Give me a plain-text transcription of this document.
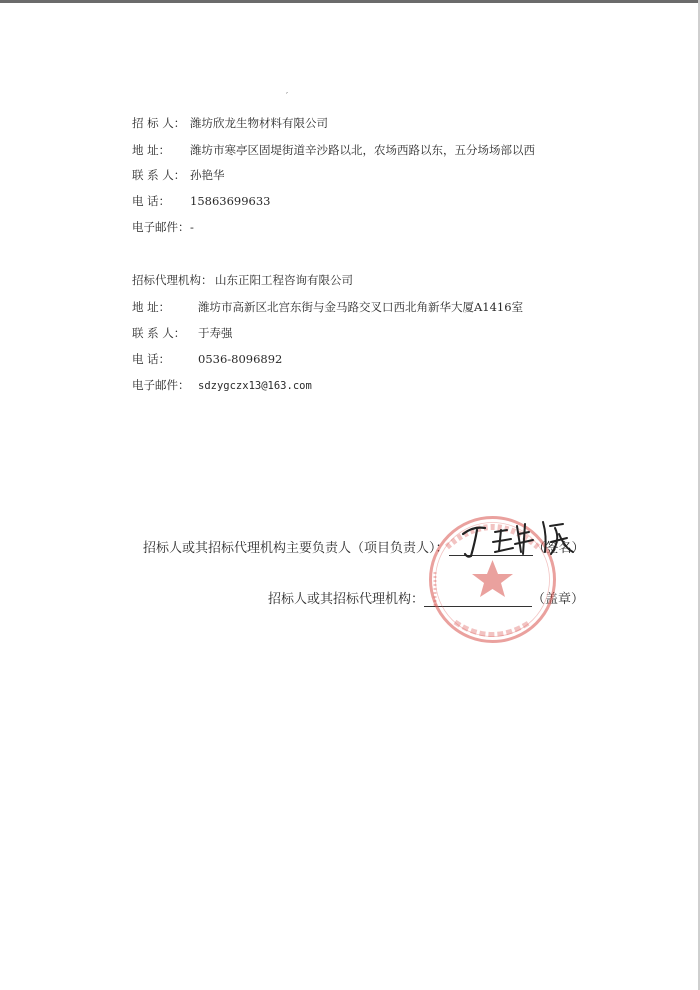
′
招 标 人： 潍坊欣龙生物材料有限公司
地 址： 潍坊市寒亭区固堤街道辛沙路以北，农场西路以东，五分场场部以西
联 系 人： 孙艳华
电 话： 15863699633
电子邮件：-
招标代理机构： 山东正阳工程咨询有限公司
地 址： 潍坊市高新区北宫东街与金马路交叉口西北角新华大厦A1416室
联 系 人： 于寿强
电 话： 0536-8096892
电子邮件： sdzygczx13@163.com
招标人或其招标代理机构主要负责人（项目负责人）：	（签名）
招标人或其招标代理机构：	（盖章）
